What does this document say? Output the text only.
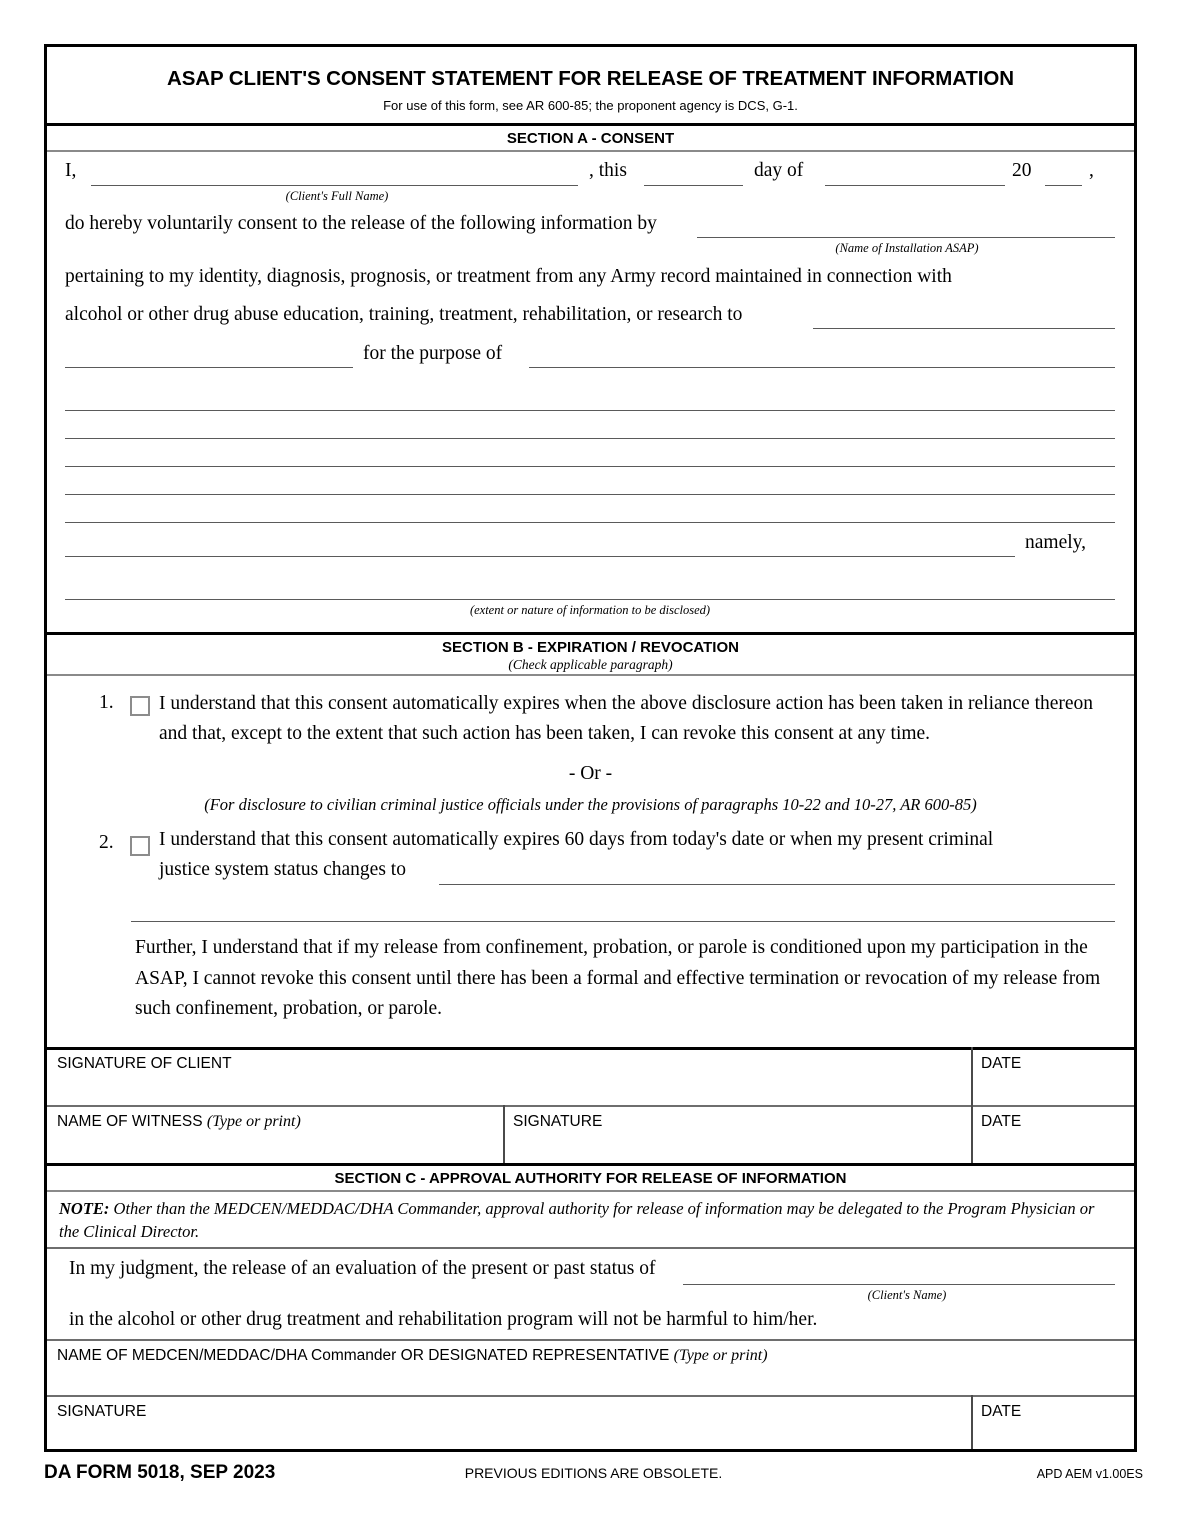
ASAP CLIENT'S CONSENT STATEMENT FOR RELEASE OF TREATMENT INFORMATION
For use of this form, see AR 600-85; the proponent agency is DCS, G-1.
SECTION A - CONSENT
I,
(Client's Full Name)
, this	day of	20	,
do hereby voluntarily consent to the release of the following information by
(Name of Installation ASAP)
pertaining to my identity, diagnosis, prognosis, or treatment from any Army record maintained in connection with
alcohol or other drug abuse education, training, treatment, rehabilitation, or research to
for the purpose of
namely,
(extent or nature of information to be disclosed)
SECTION B - EXPIRATION / REVOCATION
(Check applicable paragraph)
1. I understand that this consent automatically expires when the above disclosure action has been taken in reliance thereon and that, except to the extent that such action has been taken, I can revoke this consent at any time.
- Or -
(For disclosure to civilian criminal justice officials under the provisions of paragraphs 10-22 and 10-27, AR 600-85)
2. I understand that this consent automatically expires 60 days from today's date or when my present criminal
justice system status changes to
Further, I understand that if my release from confinement, probation, or parole is conditioned upon my participation in the ASAP, I cannot revoke this consent until there has been a formal and effective termination or revocation of my release from such confinement, probation, or parole.
SIGNATURE OF CLIENT	DATE
NAME OF WITNESS (Type or print)	SIGNATURE	DATE
SECTION C - APPROVAL AUTHORITY FOR RELEASE OF INFORMATION
NOTE: Other than the MEDCEN/MEDDAC/DHA Commander, approval authority for release of information may be delegated to the Program Physician or the Clinical Director.
In my judgment, the release of an evaluation of the present or past status of
(Client's Name)
in the alcohol or other drug treatment and rehabilitation program will not be harmful to him/her.
NAME OF MEDCEN/MEDDAC/DHA Commander OR DESIGNATED REPRESENTATIVE (Type or print)
SIGNATURE	DATE
DA FORM 5018, SEP 2023	PREVIOUS EDITIONS ARE OBSOLETE.	APD AEM v1.00ES
